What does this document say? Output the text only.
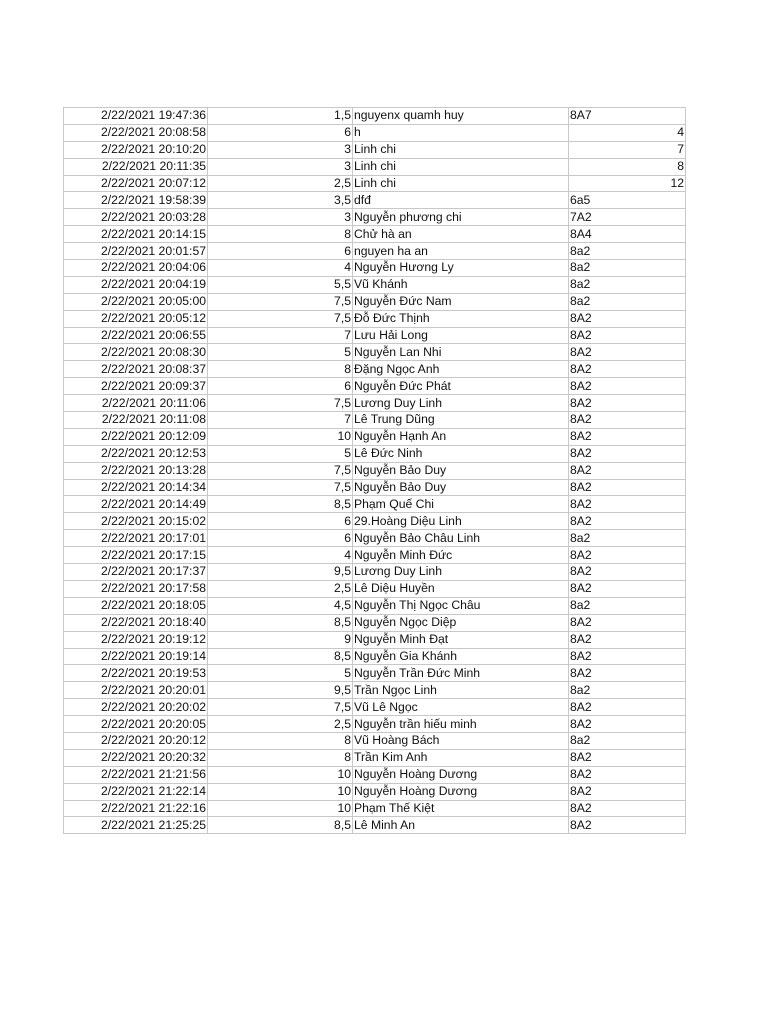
2/22/2021 19:47:36	1,5	nguyenx quamh huy	8A7
2/22/2021 20:08:58	6	h	4
2/22/2021 20:10:20	3	Linh chi	7
2/22/2021 20:11:35	3	Linh chi	8
2/22/2021 20:07:12	2,5	Linh chi	12
2/22/2021 19:58:39	3,5	dfđ	6a5
2/22/2021 20:03:28	3	Nguyễn phương chi	7A2
2/22/2021 20:14:15	8	Chử hà an	8A4
2/22/2021 20:01:57	6	nguyen ha an	8a2
2/22/2021 20:04:06	4	Nguyễn Hương Ly	8a2
2/22/2021 20:04:19	5,5	Vũ Khánh	8a2
2/22/2021 20:05:00	7,5	Nguyễn Đức Nam	8a2
2/22/2021 20:05:12	7,5	Đỗ Đức Thịnh	8A2
2/22/2021 20:06:55	7	Lưu Hải Long	8A2
2/22/2021 20:08:30	5	Nguyễn Lan Nhi	8A2
2/22/2021 20:08:37	8	Đặng Ngọc Anh	8A2
2/22/2021 20:09:37	6	Nguyễn Đức Phát	8A2
2/22/2021 20:11:06	7,5	Lương Duy Linh	8A2
2/22/2021 20:11:08	7	Lê Trung Dũng	8A2
2/22/2021 20:12:09	10	Nguyễn Hạnh An	8A2
2/22/2021 20:12:53	5	Lê Đức Ninh	8A2
2/22/2021 20:13:28	7,5	Nguyễn Bảo Duy	8A2
2/22/2021 20:14:34	7,5	Nguyễn Bảo Duy	8A2
2/22/2021 20:14:49	8,5	Phạm Quế Chi	8A2
2/22/2021 20:15:02	6	29.Hoàng Diệu Linh	8A2
2/22/2021 20:17:01	6	Nguyễn Bảo Châu Linh	8a2
2/22/2021 20:17:15	4	Nguyễn Minh Đức	8A2
2/22/2021 20:17:37	9,5	Lương Duy Linh	8A2
2/22/2021 20:17:58	2,5	Lê Diệu Huyền	8A2
2/22/2021 20:18:05	4,5	Nguyễn Thị Ngọc Châu	8a2
2/22/2021 20:18:40	8,5	Nguyễn Ngọc Diệp	8A2
2/22/2021 20:19:12	9	Nguyễn Minh Đạt	8A2
2/22/2021 20:19:14	8,5	Nguyễn Gia Khánh	8A2
2/22/2021 20:19:53	5	Nguyễn Trần Đức Minh	8A2
2/22/2021 20:20:01	9,5	Trần Ngọc Linh	8a2
2/22/2021 20:20:02	7,5	Vũ Lê Ngọc	8A2
2/22/2021 20:20:05	2,5	Nguyễn trần hiếu minh	8A2
2/22/2021 20:20:12	8	Vũ Hoàng Bách	8a2
2/22/2021 20:20:32	8	Trần Kim Anh	8A2
2/22/2021 21:21:56	10	Nguyễn Hoàng Dương	8A2
2/22/2021 21:22:14	10	Nguyễn Hoàng Dương	8A2
2/22/2021 21:22:16	10	Phạm Thế Kiệt	8A2
2/22/2021 21:25:25	8,5	Lê Minh An	8A2
